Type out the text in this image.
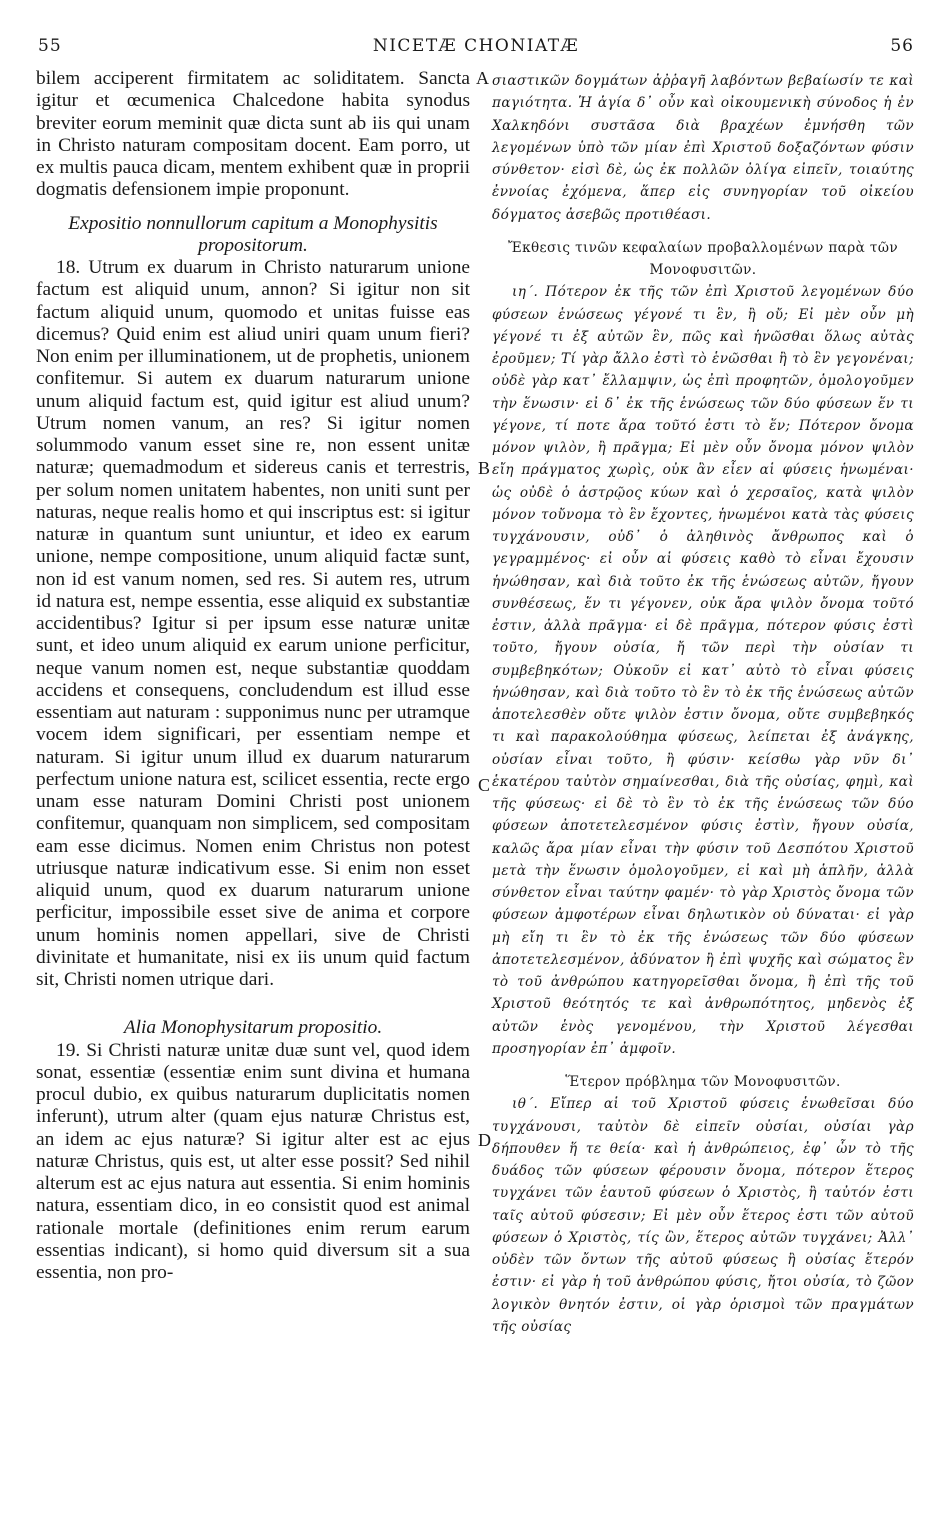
55	NICETÆ CHONIATÆ	56

bilem acciperent firmitatem ac soliditatem. Sancta igitur et œcumenica Chalcedone habita synodus breviter eorum meminit quæ dicta sunt ab iis qui unam in Christo naturam compositam docent. Eam porro, ut ex multis pauca dicam, mentem exhibent quæ in proprii dogmatis defensionem impie proponunt.

Expositio nonnullorum capitum a Monophysitis propositorum.

18. Utrum ex duarum in Christo naturarum unione factum est aliquid unum, annon? Si igitur non sit factum aliquid unum, quomodo et unitas fuisse eas dicemus? Quid enim est aliud uniri quam unum fieri? Non enim per illuminationem, ut de prophetis, unionem confitemur. Si autem ex duarum naturarum unione unum aliquid factum est, quid igitur est aliud unum? Utrum nomen vanum, an res? Si igitur nomen solummodo vanum esset sine re, non essent unitæ naturæ; quemadmodum et sidereus canis et terrestris, per solum nomen unitatem habentes, non uniti sunt per naturas, neque realis homo et qui inscriptus est: si igitur naturæ in quantum sunt uniuntur, et ideo ex earum unione, nempe compositione, unum aliquid factæ sunt, non id est vanum nomen, sed res. Si autem res, utrum id natura est, nempe essentia, esse aliquid ex substantiæ accidentibus? Igitur si per ipsum esse naturæ unitæ sunt, et ideo unum aliquid ex earum unione perficitur, neque vanum nomen est, neque substantiæ quoddam accidens et consequens, concludendum est illud esse essentiam aut naturam : supponimus nunc per utramque vocem idem significari, per essentiam nempe et naturam. Si igitur unum illud ex duarum naturarum perfectum unione natura est, scilicet essentia, recte ergo unam esse naturam Domini Christi post unionem confitemur, quanquam non simplicem, sed compositam eam esse dicimus. Nomen enim Christus non potest utriusque naturæ indicativum esse. Si enim non esset aliquid unum, quod ex duarum naturarum unione perficitur, impossibile esset sive de anima et corpore unum hominis nomen appellari, sive de Christi divinitate et humanitate, nisi ex iis unum quid factum sit, Christi nomen utrique dari.

Alia Monophysitarum propositio.

19. Si Christi naturæ unitæ duæ sunt vel, quod idem sonat, essentiæ (essentiæ enim sunt divina et humana procul dubio, ex quibus naturarum duplicitatis nomen inferunt), utrum alter (quam ejus naturæ Christus est, an idem ac ejus naturæ? Si igitur alter est ac ejus naturæ Christus, quis est, ut alter esse possit? Sed nihil alterum est ac ejus natura aut essentia. Si enim hominis natura, essentiam dico, in eo consistit quod est animal rationale mortale (definitiones enim rerum earum essentias indicant), si homo quid diversum sit a sua essentia, non pro-

A
B
C
D

σιαστικῶν δογμάτων ἀῤῥαγῆ λαβόντων βεβαίωσίν τε καὶ παγιότητα. Ἡ ἁγία δ᾽ οὖν καὶ οἰκουμενικὴ σύνοδος ἡ ἐν Χαλκηδόνι συστᾶσα διὰ βραχέων ἐμνήσθη τῶν λεγομένων ὑπὸ τῶν μίαν ἐπὶ Χριστοῦ δοξαζόντων φύσιν σύνθετον· εἰσὶ δὲ, ὡς ἐκ πολλῶν ὀλίγα εἰπεῖν, τοιαύτης ἐννοίας ἐχόμενα, ἅπερ εἰς συνηγορίαν τοῦ οἰκείου δόγματος ἀσεβῶς προτιθέασι.

Ἔκθεσις τινῶν κεφαλαίων προβαλλομένων παρὰ τῶν Μονοφυσιτῶν.

ιη´. Πότερον ἐκ τῆς τῶν ἐπὶ Χριστοῦ λεγομένων δύο φύσεων ἑνώσεως γέγονέ τι ἓν, ἢ οὔ; Εἰ μὲν οὖν μὴ γέγονέ τι ἐξ αὐτῶν ἓν, πῶς καὶ ἡνῶσθαι ὅλως αὐτὰς ἐροῦμεν; Τί γὰρ ἄλλο ἐστὶ τὸ ἑνῶσθαι ἢ τὸ ἓν γεγονέναι; οὐδὲ γὰρ κατ᾽ ἔλλαμψιν, ὡς ἐπὶ προφητῶν, ὁμολογοῦμεν τὴν ἕνωσιν· εἰ δ᾽ ἐκ τῆς ἑνώσεως τῶν δύο φύσεων ἕν τι γέγονε, τί ποτε ἄρα τοῦτό ἐστι τὸ ἕν; Πότερον ὄνομα μόνον ψιλὸν, ἢ πρᾶγμα; Εἰ μὲν οὖν ὄνομα μόνον ψιλὸν εἴη πράγματος χωρὶς, οὐκ ἂν εἶεν αἱ φύσεις ἡνωμέναι· ὡς οὐδὲ ὁ ἀστρῷος κύων καὶ ὁ χερσαῖος, κατὰ ψιλὸν μόνον τοὔνομα τὸ ἓν ἔχοντες, ἡνωμένοι κατὰ τὰς φύσεις τυγχάνουσιν, οὐδ᾽ ὁ ἀληθινὸς ἄνθρωπος καὶ ὁ γεγραμμένος· εἰ οὖν αἱ φύσεις καθὸ τὸ εἶναι ἔχουσιν ἡνώθησαν, καὶ διὰ τοῦτο ἐκ τῆς ἑνώσεως αὐτῶν, ἤγουν συνθέσεως, ἕν τι γέγονεν, οὐκ ἄρα ψιλὸν ὄνομα τοῦτό ἐστιν, ἀλλὰ πρᾶγμα· εἰ δὲ πρᾶγμα, πότερον φύσις ἐστὶ τοῦτο, ἤγουν οὐσία, ἤ τῶν περὶ τὴν οὐσίαν τι συμβεβηκότων; Οὐκοῦν εἰ κατ᾽ αὐτὸ τὸ εἶναι φύσεις ἡνώθησαν, καὶ διὰ τοῦτο τὸ ἓν τὸ ἐκ τῆς ἑνώσεως αὐτῶν ἀποτελεσθὲν οὔτε ψιλὸν ἐστιν ὄνομα, οὔτε συμβεβηκός τι καὶ παρακολούθημα φύσεως, λείπεται ἐξ ἀνάγκης, οὐσίαν εἶναι τοῦτο, ἢ φύσιν· κείσθω γὰρ νῦν δι᾽ ἑκατέρου ταὐτὸν σημαίνεσθαι, διὰ τῆς οὐσίας, φημὶ, καὶ τῆς φύσεως· εἰ δὲ τὸ ἓν τὸ ἐκ τῆς ἑνώσεως τῶν δύο φύσεων ἀποτετελεσμένον φύσις ἐστὶν, ἤγουν οὐσία, καλῶς ἄρα μίαν εἶναι τὴν φύσιν τοῦ Δεσπότου Χριστοῦ μετὰ τὴν ἕνωσιν ὁμολογοῦμεν, εἰ καὶ μὴ ἁπλῆν, ἀλλὰ σύνθετον εἶναι ταύτην φαμέν· τὸ γὰρ Χριστὸς ὄνομα τῶν φύσεων ἀμφοτέρων εἶναι δηλωτικὸν οὐ δύναται· εἰ γὰρ μὴ εἴη τι ἓν τὸ ἐκ τῆς ἑνώσεως τῶν δύο φύσεων ἀποτετελεσμένον, ἀδύνατον ἢ ἐπὶ ψυχῆς καὶ σώματος ἓν τὸ τοῦ ἀνθρώπου κατηγορεῖσθαι ὄνομα, ἢ ἐπὶ τῆς τοῦ Χριστοῦ θεότητός τε καὶ ἀνθρωπότητος, μηδενὸς ἐξ αὐτῶν ἑνὸς γενομένου, τὴν Χριστοῦ λέγεσθαι προσηγορίαν ἐπ᾽ ἀμφοῖν.

Ἕτερον πρόβλημα τῶν Μονοφυσιτῶν.

ιθ´. Εἴπερ αἱ τοῦ Χριστοῦ φύσεις ἑνωθεῖσαι δύο τυγχάνουσι, ταὐτὸν δὲ εἰπεῖν οὐσίαι, οὐσίαι γὰρ δήπουθεν ἥ τε θεία· καὶ ἡ ἀνθρώπειος, ἐφ᾽ ὧν τὸ τῆς δυάδος τῶν φύσεων φέρουσιν ὄνομα, πότερον ἕτερος τυγχάνει τῶν ἑαυτοῦ φύσεων ὁ Χριστὸς, ἢ ταὐτόν ἐστι ταῖς αὐτοῦ φύσεσιν; Εἰ μὲν οὖν ἕτερος ἐστι τῶν αὐτοῦ φύσεων ὁ Χριστὸς, τίς ὢν, ἕτερος αὐτῶν τυγχάνει; Ἀλλ᾽ οὐδὲν τῶν ὄντων τῆς αὐτοῦ φύσεως ἢ οὐσίας ἕτερόν ἐστιν· εἰ γὰρ ἡ τοῦ ἀνθρώπου φύσις, ἤτοι οὐσία, τὸ ζῶον λογικὸν θνητόν ἐστιν, οἱ γὰρ ὁρισμοὶ τῶν πραγμάτων τῆς οὐσίας
